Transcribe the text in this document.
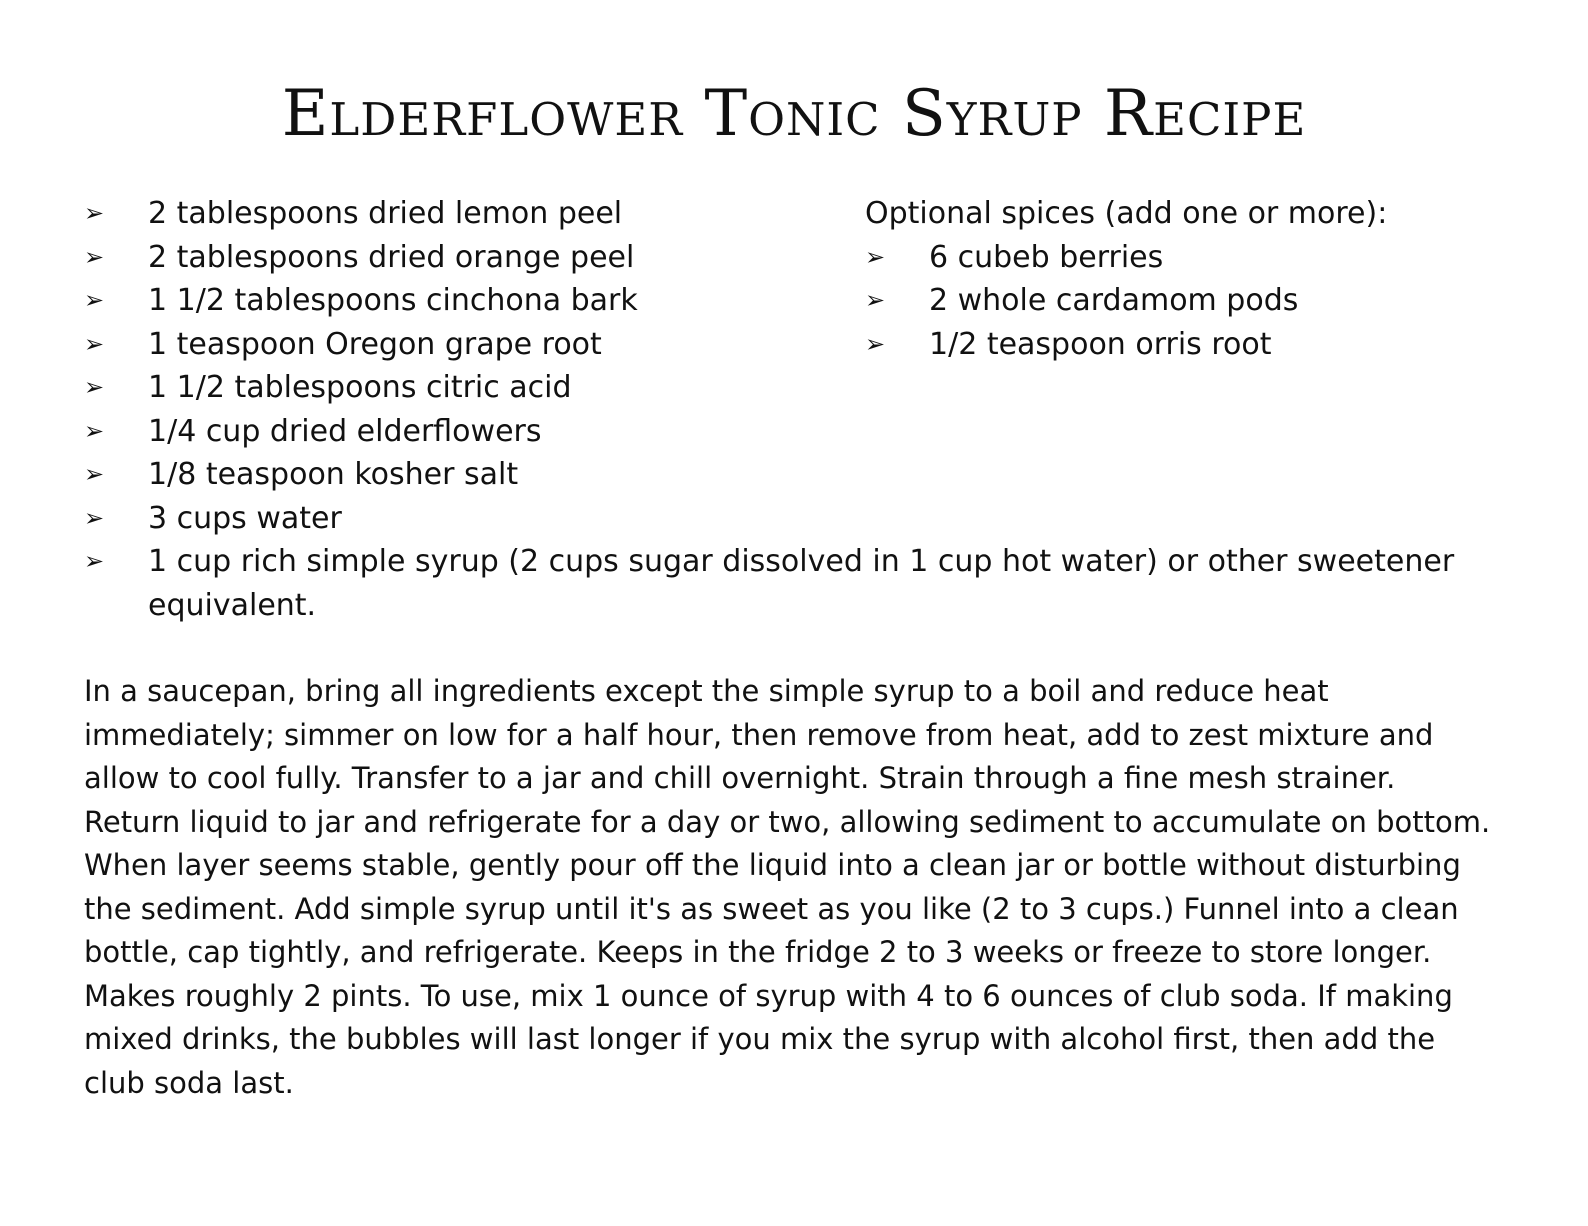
Elderflower Tonic Syrup Recipe
➢	2 tablespoons dried lemon peel
➢	2 tablespoons dried orange peel
➢	1 1/2 tablespoons cinchona bark
➢	1 teaspoon Oregon grape root
➢	1 1/2 tablespoons citric acid
➢	1/4 cup dried elderflowers
➢	1/8 teaspoon kosher salt
➢	3 cups water
➢	1 cup rich simple syrup (2 cups sugar dissolved in 1 cup hot water) or other sweetener equivalent.
Optional spices (add one or more):
➢	6 cubeb berries
➢	2 whole cardamom pods
➢	1/2 teaspoon orris root

In a saucepan, bring all ingredients except the simple syrup to a boil and reduce heat immediately; simmer on low for a half hour, then remove from heat, add to zest mixture and allow to cool fully. Transfer to a jar and chill overnight. Strain through a fine mesh strainer. Return liquid to jar and refrigerate for a day or two, allowing sediment to accumulate on bottom. When layer seems stable, gently pour off the liquid into a clean jar or bottle without disturbing the sediment. Add simple syrup until it's as sweet as you like (2 to 3 cups.) Funnel into a clean bottle, cap tightly, and refrigerate. Keeps in the fridge 2 to 3 weeks or freeze to store longer. Makes roughly 2 pints. To use, mix 1 ounce of syrup with 4 to 6 ounces of club soda. If making mixed drinks, the bubbles will last longer if you mix the syrup with alcohol first, then add the club soda last.
